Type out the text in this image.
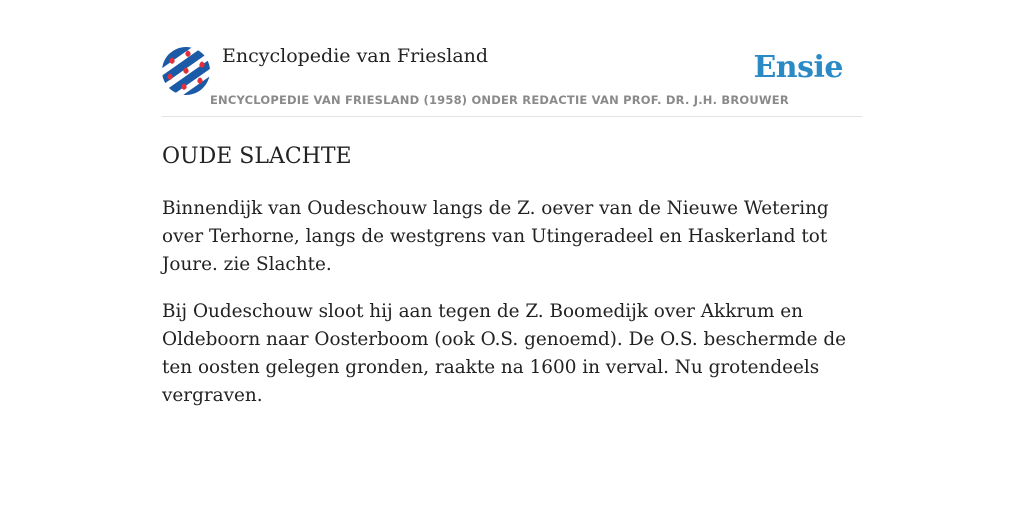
Encyclopedie van Friesland	Ensie
ENCYCLOPEDIE VAN FRIESLAND (1958) ONDER REDACTIE VAN PROF. DR. J.H. BROUWER
OUDE SLACHTE

Binnendijk van Oudeschouw langs de Z. oever van de Nieuwe Wetering over Terhorne, langs de westgrens van Utingeradeel en Haskerland tot Joure. zie Slachte.

Bij Oudeschouw sloot hij aan tegen de Z. Boomedijk over Akkrum en Oldeboorn naar Oosterboom (ook O.S. genoemd). De O.S. beschermde de ten oosten gelegen gronden, raakte na 1600 in verval. Nu grotendeels vergraven.
